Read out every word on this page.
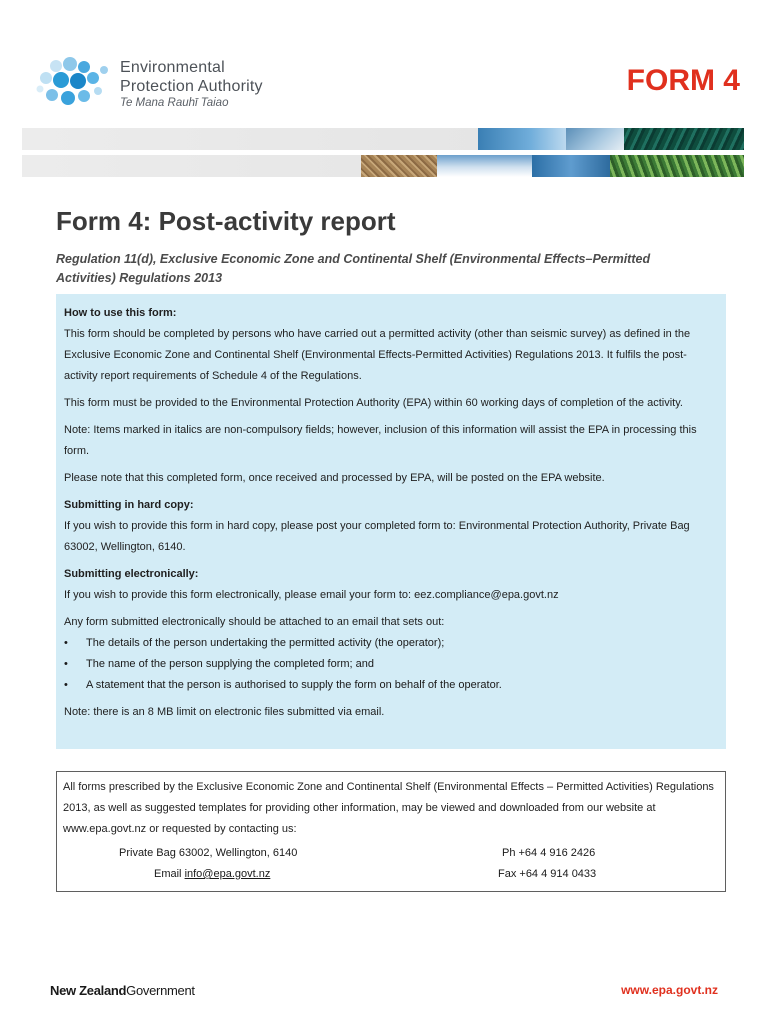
Environmental
Protection Authority
Te Mana Rauhī Taiao
FORM 4
Form 4: Post-activity report
Regulation 11(d), Exclusive Economic Zone and Continental Shelf (Environmental Effects–Permitted Activities) Regulations 2013

How to use this form:

This form should be completed by persons who have carried out a permitted activity (other than seismic survey) as defined in the Exclusive Economic Zone and Continental Shelf (Environmental Effects-Permitted Activities) Regulations 2013. It fulfils the post-activity report requirements of Schedule 4 of the Regulations.

This form must be provided to the Environmental Protection Authority (EPA) within 60 working days of completion of the activity.

Note: Items marked in italics are non-compulsory fields; however, inclusion of this information will assist the EPA in processing this form.

Please note that this completed form, once received and processed by EPA, will be posted on the EPA website.

Submitting in hard copy:

If you wish to provide this form in hard copy, please post your completed form to: Environmental Protection Authority, Private Bag 63002, Wellington, 6140.

Submitting electronically:

If you wish to provide this form electronically, please email your form to: eez.compliance@epa.govt.nz

Any form submitted electronically should be attached to an email that sets out:

• The details of the person undertaking the permitted activity (the operator);
• The name of the person supplying the completed form; and
• A statement that the person is authorised to supply the form on behalf of the operator.

Note: there is an 8 MB limit on electronic files submitted via email.

All forms prescribed by the Exclusive Economic Zone and Continental Shelf (Environmental Effects – Permitted Activities) Regulations 2013, as well as suggested templates for providing other information, may be viewed and downloaded from our website at www.epa.govt.nz or requested by contacting us:

Private Bag 63002, Wellington, 6140	Ph +64 4 916 2426
Email info@epa.govt.nz	Fax +64 4 914 0433
New ZealandGovernment	www.epa.govt.nz
